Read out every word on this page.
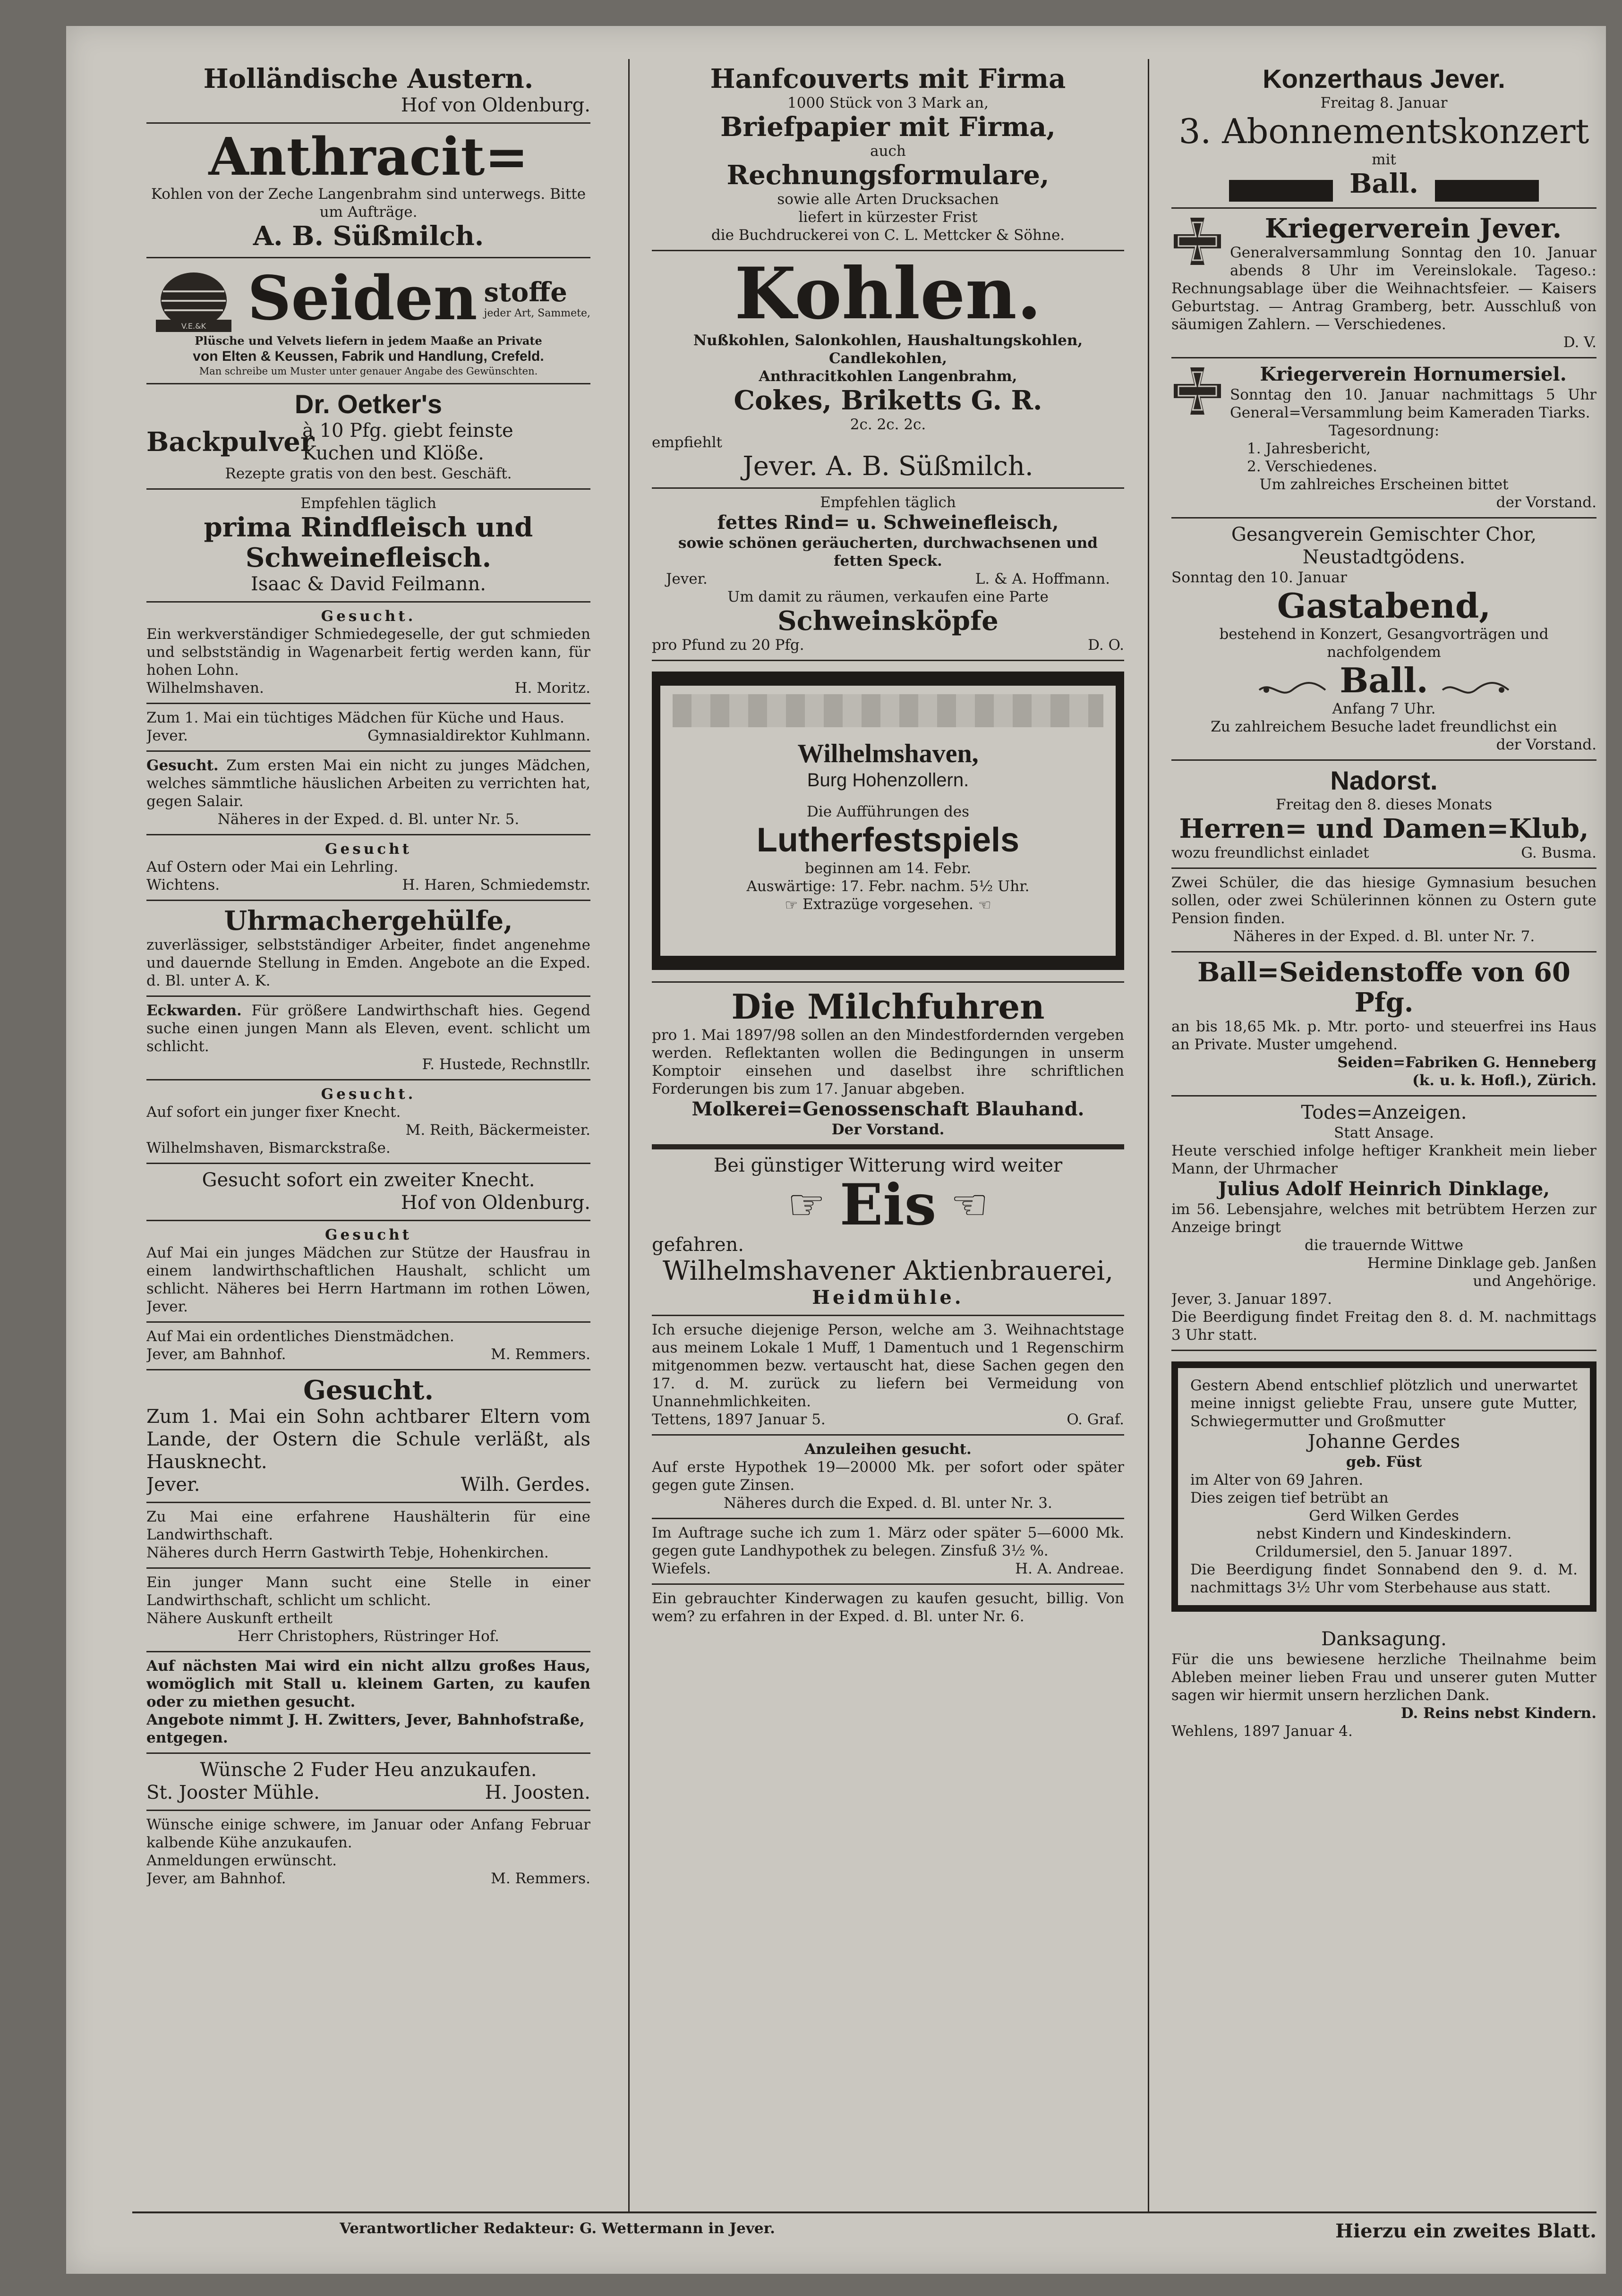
Holländische Austern.

Hof von Oldenburg.

Anthracit=

Kohlen von der Zeche Langenbrahm sind unterwegs. Bitte um Aufträge.

A. B. Süßmilch.

V.E.&K Seiden stoffe
jeder Art, Sammete,

Plüsche und Velvets liefern in jedem Maaße an Private

von Elten & Keussen, Fabrik und Handlung, Crefeld.

Man schreibe um Muster unter genauer Angabe des Gewünschten.

Dr. Oetker's

Backpulver
à 10 Pfg. giebt feinste Kuchen und Klöße.

Rezepte gratis von den best. Geschäft.

Empfehlen täglich

prima Rindfleisch und

Schweinefleisch.

Isaac & David Feilmann.

Gesucht.

Ein werkverständiger Schmiedegeselle, der gut schmieden und selbstständig in Wagenarbeit fertig werden kann, für hohen Lohn.

Wilhelmshaven.	H. Moritz.

Zum 1. Mai ein tüchtiges Mädchen für Küche und Haus.

Jever.	Gymnasialdirektor Kuhlmann.

Gesucht. Zum ersten Mai ein nicht zu junges Mädchen, welches sämmtliche häuslichen Arbeiten zu verrichten hat, gegen Salair.

Näheres in der Exped. d. Bl. unter Nr. 5.

Gesucht

Auf Ostern oder Mai ein Lehrling.

Wichtens.	H. Haren, Schmiedemstr.

Uhrmachergehülfe,

zuverlässiger, selbstständiger Arbeiter, findet angenehme und dauernde Stellung in Emden. Angebote an die Exped. d. Bl. unter A. K.

Eckwarden. Für größere Landwirthschaft hies. Gegend suche einen jungen Mann als Eleven, event. schlicht um schlicht.

F. Hustede, Rechnstllr.

Gesucht.

Auf sofort ein junger fixer Knecht.

M. Reith, Bäckermeister.

Wilhelmshaven, Bismarckstraße.

Gesucht sofort ein zweiter Knecht.

Hof von Oldenburg.

Gesucht

Auf Mai ein junges Mädchen zur Stütze der Hausfrau in einem landwirthschaftlichen Haushalt, schlicht um schlicht. Näheres bei Herrn Hartmann im rothen Löwen, Jever.

Auf Mai ein ordentliches Dienstmädchen.

Jever, am Bahnhof.	M. Remmers.

Gesucht.

Zum 1. Mai ein Sohn achtbarer Eltern vom Lande, der Ostern die Schule verläßt, als Hausknecht.

Jever.	Wilh. Gerdes.

Zu Mai eine erfahrene Haushälterin für eine Landwirthschaft.

Näheres durch Herrn Gastwirth Tebje, Hohenkirchen.

Ein junger Mann sucht eine Stelle in einer Landwirthschaft, schlicht um schlicht.

Nähere Auskunft ertheilt

Herr Christophers, Rüstringer Hof.

Auf nächsten Mai wird ein nicht allzu großes Haus, womöglich mit Stall u. kleinem Garten, zu kaufen oder zu miethen gesucht.

Angebote nimmt J. H. Zwitters, Jever, Bahnhofstraße, entgegen.

Wünsche 2 Fuder Heu anzukaufen.

St. Jooster Mühle.	H. Joosten.

Wünsche einige schwere, im Januar oder Anfang Februar kalbende Kühe anzukaufen.

Anmeldungen erwünscht.

Jever, am Bahnhof.	M. Remmers.

Hanfcouverts mit Firma

1000 Stück von 3 Mark an,

Briefpapier mit Firma,

auch

Rechnungsformulare,

sowie alle Arten Drucksachen

liefert in kürzester Frist

die Buchdruckerei von C. L. Mettcker & Söhne.

Kohlen.

Nußkohlen, Salonkohlen, Haushaltungskohlen, Candlekohlen,

Anthracitkohlen Langenbrahm,

Cokes, Briketts G. R.

2c. 2c. 2c.

empfiehlt

Jever. A. B. Süßmilch.

Empfehlen täglich

fettes Rind= u. Schweinefleisch,

sowie schönen geräucherten, durchwachsenen und fetten Speck.

Jever.	L. & A. Hoffmann.

Um damit zu räumen, verkaufen eine Parte

Schweinsköpfe

pro Pfund zu 20 Pfg.	D. O.

Wilhelmshaven,

Burg Hohenzollern.

Die Aufführungen des

Lutherfestspiels

beginnen am 14. Febr.

Auswärtige: 17. Febr. nachm. 5½ Uhr.

☞ Extrazüge vorgesehen. ☜

Die Milchfuhren

pro 1. Mai 1897/98 sollen an den Mindestfordernden vergeben werden. Reflektanten wollen die Bedingungen in unserm Komptoir einsehen und daselbst ihre schriftlichen Forderungen bis zum 17. Januar abgeben.

Molkerei=Genossenschaft Blauhand.

Der Vorstand.

Bei günstiger Witterung wird weiter

☞ Eis ☜

gefahren.

Wilhelmshavener Aktienbrauerei,

Heidmühle.

Ich ersuche diejenige Person, welche am 3. Weihnachtstage aus meinem Lokale 1 Muff, 1 Damentuch und 1 Regenschirm mitgenommen bezw. vertauscht hat, diese Sachen gegen den 17. d. M. zurück zu liefern bei Vermeidung von Unannehmlichkeiten.

Tettens, 1897 Januar 5.	O. Graf.

Anzuleihen gesucht.

Auf erste Hypothek 19—20000 Mk. per sofort oder später gegen gute Zinsen.

Näheres durch die Exped. d. Bl. unter Nr. 3.

Im Auftrage suche ich zum 1. März oder später 5—6000 Mk. gegen gute Landhypothek zu belegen. Zinsfuß 3½ %.

Wiefels.	H. A. Andreae.

Ein gebrauchter Kinderwagen zu kaufen gesucht, billig. Von wem? zu erfahren in der Exped. d. Bl. unter Nr. 6.

Konzerthaus Jever.

Freitag 8. Januar

3. Abonnementskonzert

mit

Ball.

Kriegerverein Jever.

Generalversammlung Sonntag den 10. Januar abends 8 Uhr im Vereinslokale. Tageso.: Rechnungsablage über die Weihnachtsfeier. — Kaisers Geburtstag. — Antrag Gramberg, betr. Ausschluß von säumigen Zahlern. — Verschiedenes.

D. V.

Kriegerverein Hornumersiel.

Sonntag den 10. Januar nachmittags 5 Uhr General=Versammlung beim Kameraden Tiarks.

Tagesordnung:

1. Jahresbericht,

2. Verschiedenes.

Um zahlreiches Erscheinen bittet

der Vorstand.

Gesangverein Gemischter Chor,

Neustadtgödens.

Sonntag den 10. Januar

Gastabend,

bestehend in Konzert, Gesangvorträgen und nachfolgendem

Ball.

Anfang 7 Uhr.

Zu zahlreichem Besuche ladet freundlichst ein

der Vorstand.

Nadorst.

Freitag den 8. dieses Monats

Herren= und Damen=Klub,

wozu freundlichst einladet	G. Busma.

Zwei Schüler, die das hiesige Gymnasium besuchen sollen, oder zwei Schülerinnen können zu Ostern gute Pension finden.

Näheres in der Exped. d. Bl. unter Nr. 7.

Ball=Seidenstoffe von 60 Pfg.

an bis 18,65 Mk. p. Mtr. porto- und steuerfrei ins Haus an Private. Muster umgehend.

Seiden=Fabriken G. Henneberg

(k. u. k. Hofl.), Zürich.

Todes=Anzeigen.

Statt Ansage.

Heute verschied infolge heftiger Krankheit mein lieber Mann, der Uhrmacher

Julius Adolf Heinrich Dinklage,

im 56. Lebensjahre, welches mit betrübtem Herzen zur Anzeige bringt

die trauernde Wittwe

Hermine Dinklage geb. Janßen

und Angehörige.

Jever, 3. Januar 1897.

Die Beerdigung findet Freitag den 8. d. M. nachmittags 3 Uhr statt.

Gestern Abend entschlief plötzlich und unerwartet meine innigst geliebte Frau, unsere gute Mutter, Schwiegermutter und Großmutter

Johanne Gerdes

geb. Füst

im Alter von 69 Jahren.

Dies zeigen tief betrübt an

Gerd Wilken Gerdes

nebst Kindern und Kindeskindern.

Crildumersiel, den 5. Januar 1897.

Die Beerdigung findet Sonnabend den 9. d. M. nachmittags 3½ Uhr vom Sterbehause aus statt.

Danksagung.

Für die uns bewiesene herzliche Theilnahme beim Ableben meiner lieben Frau und unserer guten Mutter sagen wir hiermit unsern herzlichen Dank.

D. Reins nebst Kindern.

Wehlens, 1897 Januar 4.

Verantwortlicher Redakteur: G. Wettermann in Jever.	Hierzu ein zweites Blatt.
